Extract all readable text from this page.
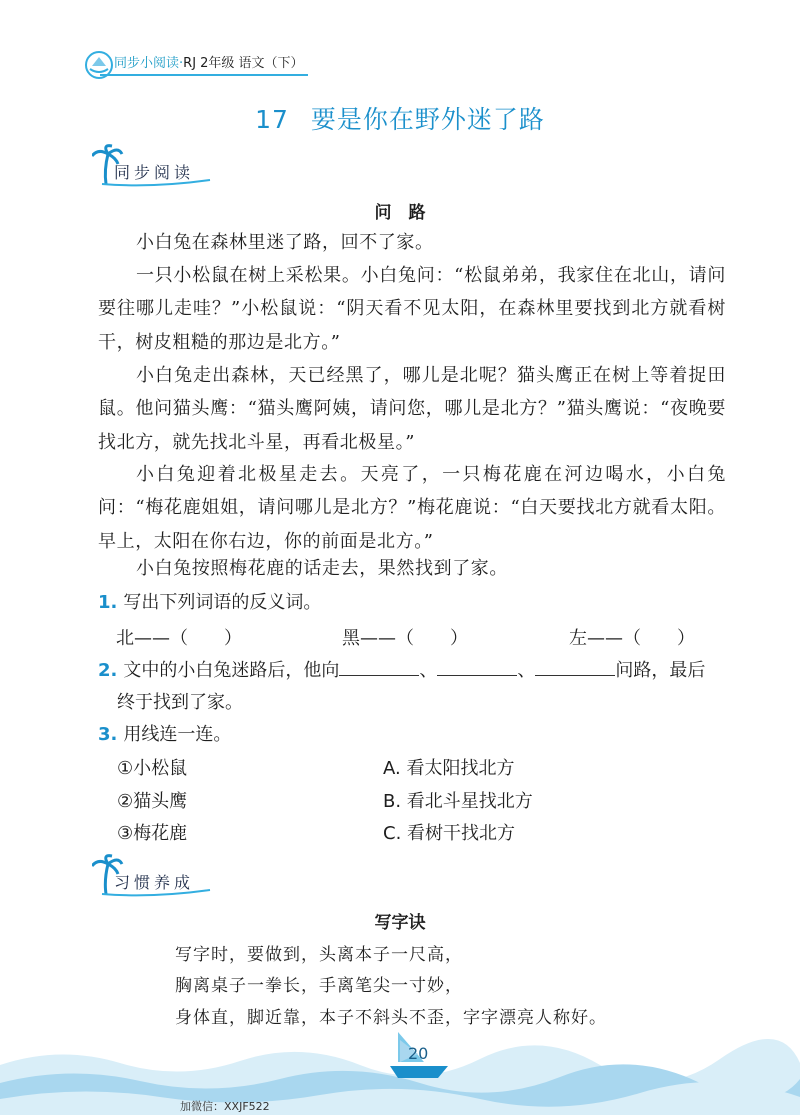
同步小阅读·RJ 2年级 语文（下）
17 要是你在野外迷了路
同步阅读
问　路
小白兔在森林里迷了路，回不了家。
一只小松鼠在树上采松果。小白兔问：“松鼠弟弟，我家住在北山，请问要往哪儿走哇？”小松鼠说：“阴天看不见太阳，在森林里要找到北方就看树干，树皮粗糙的那边是北方。”
小白兔走出森林，天已经黑了，哪儿是北呢？猫头鹰正在树上等着捉田鼠。他问猫头鹰：“猫头鹰阿姨，请问您，哪儿是北方？”猫头鹰说：“夜晚要找北方，就先找北斗星，再看北极星。”
小白兔迎着北极星走去。天亮了，一只梅花鹿在河边喝水，小白兔问：“梅花鹿姐姐，请问哪儿是北方？”梅花鹿说：“白天要找北方就看太阳。早上，太阳在你右边，你的前面是北方。”
小白兔按照梅花鹿的话走去，果然找到了家。
1. 写出下列词语的反义词。
北——（　　）	黑——（　　）	左——（　　）
2. 文中的小白兔迷路后，他向	、	、	问路，最后
终于找到了家。
3. 用线连一连。
①小松鼠
②猫头鹰
③梅花鹿
A. 看太阳找北方
B. 看北斗星找北方
C. 看树干找北方
习惯养成
写字诀
写字时，要做到，头离本子一尺高，
胸离桌子一拳长，手离笔尖一寸妙，
身体直，脚近靠，本子不斜头不歪，字字漂亮人称好。
20
加微信：XXJF522
